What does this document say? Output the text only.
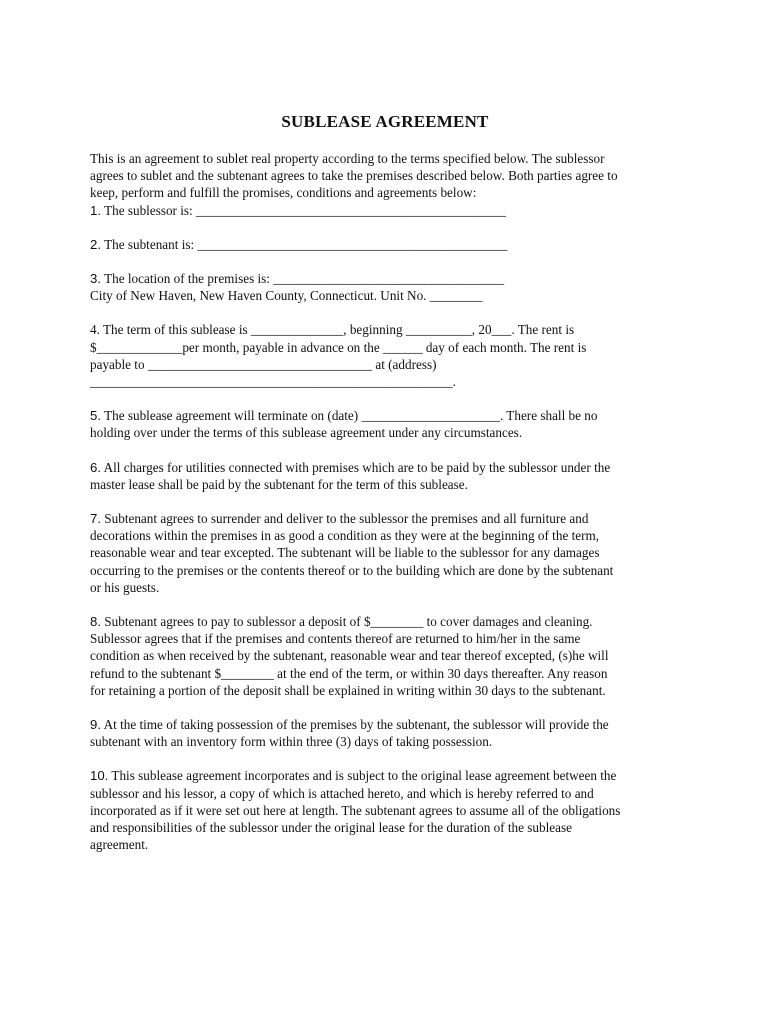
SUBLEASE AGREEMENT
This is an agreement to sublet real property according to the terms specified below. The sublessor
agrees to sublet and the subtenant agrees to take the premises described below. Both parties agree to
keep, perform and fulfill the promises, conditions and agreements below:
1. The sublessor is: _______________________________________________
2. The subtenant is: _______________________________________________
3. The location of the premises is: ___________________________________
City of New Haven, New Haven County, Connecticut. Unit No. ________
4. The term of this sublease is ______________, beginning __________, 20___. The rent is
$_____________per month, payable in advance on the ______ day of each month. The rent is
payable to __________________________________ at (address)
_______________________________________________________.
5. The sublease agreement will terminate on (date) _____________________. There shall be no
holding over under the terms of this sublease agreement under any circumstances.
6. All charges for utilities connected with premises which are to be paid by the sublessor under the
master lease shall be paid by the subtenant for the term of this sublease.
7. Subtenant agrees to surrender and deliver to the sublessor the premises and all furniture and
decorations within the premises in as good a condition as they were at the beginning of the term,
reasonable wear and tear excepted. The subtenant will be liable to the sublessor for any damages
occurring to the premises or the contents thereof or to the building which are done by the subtenant
or his guests.
8. Subtenant agrees to pay to sublessor a deposit of $________ to cover damages and cleaning.
Sublessor agrees that if the premises and contents thereof are returned to him/her in the same
condition as when received by the subtenant, reasonable wear and tear thereof excepted, (s)he will
refund to the subtenant $________ at the end of the term, or within 30 days thereafter. Any reason
for retaining a portion of the deposit shall be explained in writing within 30 days to the subtenant.
9. At the time of taking possession of the premises by the subtenant, the sublessor will provide the
subtenant with an inventory form within three (3) days of taking possession.
10. This sublease agreement incorporates and is subject to the original lease agreement between the
sublessor and his lessor, a copy of which is attached hereto, and which is hereby referred to and
incorporated as if it were set out here at length. The subtenant agrees to assume all of the obligations
and responsibilities of the sublessor under the original lease for the duration of the sublease
agreement.
